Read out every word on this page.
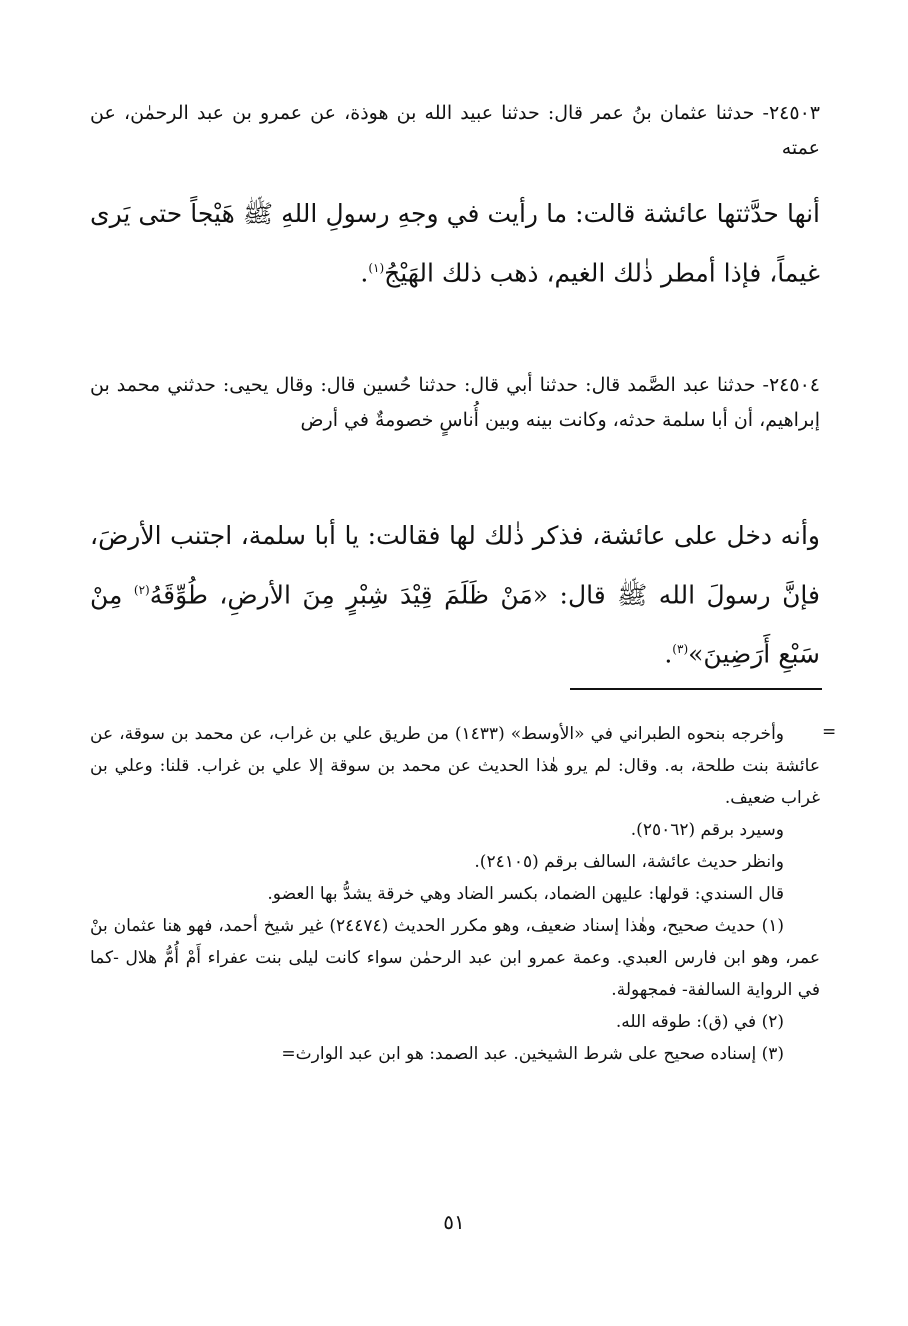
٢٤٥٠٣- حدثنا عثمان بنُ عمر قال: حدثنا عبيد الله بن هوذة، عن عمرو بن عبد الرحمٰن، عن عمته

أنها حدَّثتها عائشة قالت: ما رأيت في وجهِ رسولِ اللهِ ﷺ هَيْجاً حتى يَرى غيماً، فإذا أمطر ذٰلك الغيم، ذهب ذلك الهَيْجُ$^{(١)}$.

٢٤٥٠٤- حدثنا عبد الصَّمد قال: حدثنا أبي قال: حدثنا حُسين قال: وقال يحيى: حدثني محمد بن إبراهيم، أن أبا سلمة حدثه، وكانت بينه وبين أُناسٍ خصومةٌ في أرض

وأنه دخل على عائشة، فذكر ذٰلك لها فقالت: يا أبا سلمة، اجتنب الأرضَ، فإنَّ رسولَ الله ﷺ قال: «مَنْ ظَلَمَ قِيْدَ شِبْرٍ مِنَ الأرضِ، طُوِّقَهُ$^{(٢)}$ مِنْ سَبْعِ أَرَضِينَ»$^{(٣)}$.

=

وأخرجه بنحوه الطبراني في «الأوسط» (١٤٣٣) من طريق علي بن غراب، عن محمد بن سوقة، عن عائشة بنت طلحة، به. وقال: لم يرو هٰذا الحديث عن محمد بن سوقة إلا علي بن غراب. قلنا: وعلي بن غراب ضعيف.

وسيرد برقم (٢٥٠٦٢).

وانظر حديث عائشة، السالف برقم (٢٤١٠٥).

قال السندي: قولها: عليهن الضماد، بكسر الضاد وهي خرقة يشدُّ بها العضو.

(١) حديث صحيح، وهٰذا إسناد ضعيف، وهو مكرر الحديث (٢٤٤٧٤) غير شيخ أحمد، فهو هنا عثمان بنْ عمر، وهو ابن فارس العبدي. وعمة عمرو ابن عبد الرحمٰن سواء كانت ليلى بنت عفراء أَمْ أُمُّ هلال -كما في الرواية السالفة- فمجهولة.

(٢) في (ق): طوقه الله.

(٣) إسناده صحيح على شرط الشيخين. عبد الصمد: هو ابن عبد الوارث=

٥١
